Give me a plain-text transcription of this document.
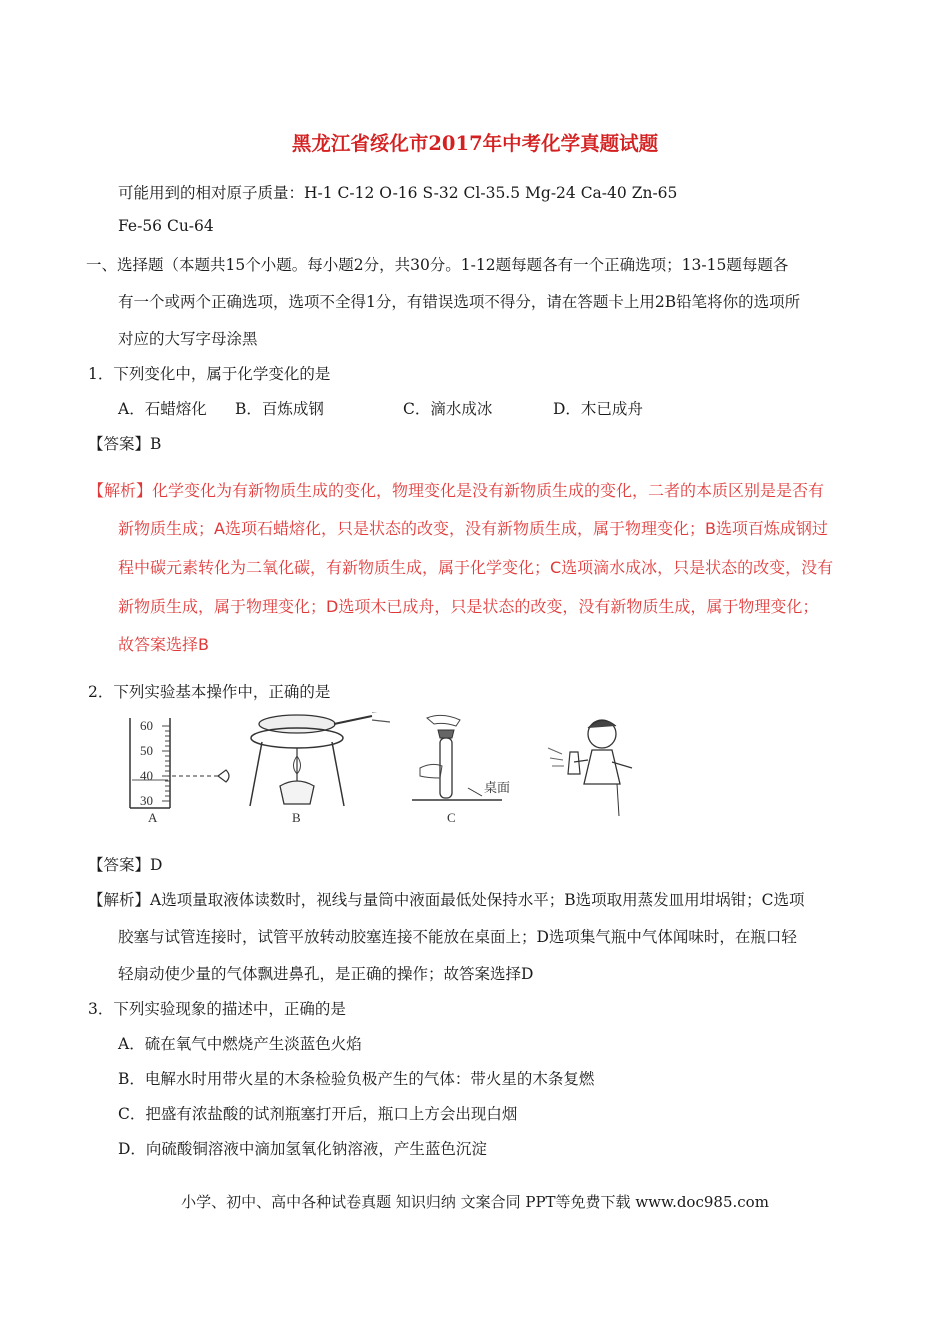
黑龙江省绥化市2017年中考化学真题试题
可能用到的相对原子质量：H-1 C-12 O-16 S-32 Cl-35.5 Mg-24 Ca-40 Zn-65
Fe-56 Cu-64
一、选择题（本题共15个小题。每小题2分，共30分。1-12题每题各有一个正确选项；13-15题每题各
有一个或两个正确选项，选项不全得1分，有错误选项不得分，请在答题卡上用2B铅笔将你的选项所
对应的大写字母涂黑
1．下列变化中，属于化学变化的是
A．石蜡熔化 B．百炼成钢	C．滴水成冰	D．木已成舟
【答案】B
【解析】化学变化为有新物质生成的变化，物理变化是没有新物质生成的变化，二者的本质区别是是否有
新物质生成；A选项石蜡熔化，只是状态的改变，没有新物质生成，属于物理变化；B选项百炼成钢过
程中碳元素转化为二氧化碳，有新物质生成，属于化学变化；C选项滴水成冰，只是状态的改变，没有
新物质生成，属于物理变化；D选项木已成舟，只是状态的改变，没有新物质生成，属于物理变化；
故答案选择B
2．下列实验基本操作中，正确的是
60
50
40
30
A	B
桌面
C
【答案】D
【解析】A选项量取液体读数时，视线与量筒中液面最低处保持水平；B选项取用蒸发皿用坩埚钳；C选项
胶塞与试管连接时，试管平放转动胶塞连接不能放在桌面上；D选项集气瓶中气体闻味时，在瓶口轻
轻扇动使少量的气体飘进鼻孔，是正确的操作；故答案选择D
3．下列实验现象的描述中，正确的是
A．硫在氧气中燃烧产生淡蓝色火焰
B．电解水时用带火星的木条检验负极产生的气体：带火星的木条复燃
C．把盛有浓盐酸的试剂瓶塞打开后，瓶口上方会出现白烟
D．向硫酸铜溶液中滴加氢氧化钠溶液，产生蓝色沉淀
小学、初中、高中各种试卷真题 知识归纳 文案合同 PPT等免费下载 www.doc985.com
